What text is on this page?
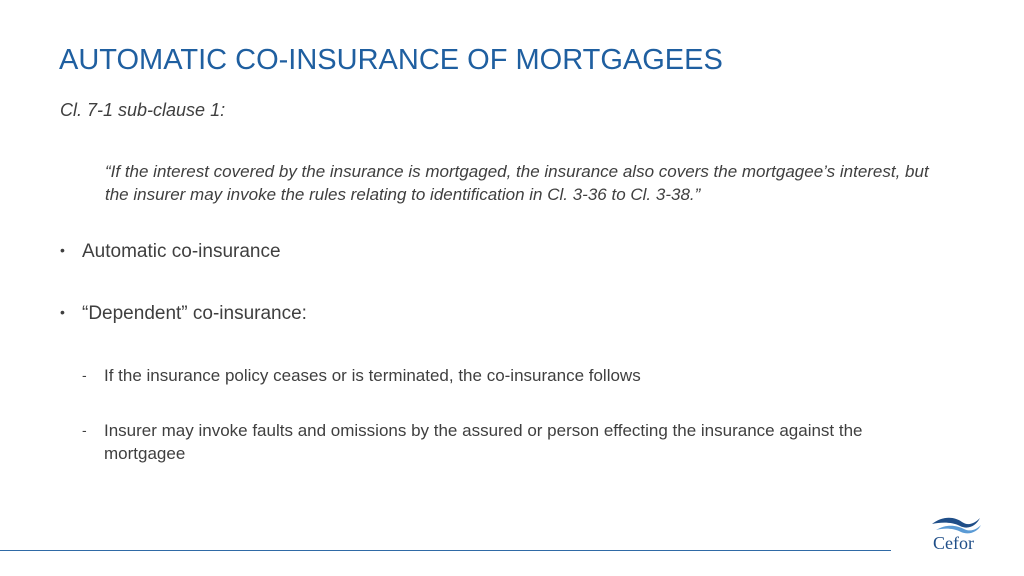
AUTOMATIC CO-INSURANCE OF MORTGAGEES
Cl. 7-1 sub-clause 1:
“If the interest covered by the insurance is mortgaged, the insurance also covers the mortgagee’s interest, but the insurer may invoke the rules relating to identification in Cl. 3-36 to Cl. 3-38.”
• Automatic co-insurance
• “Dependent” co-insurance:
-	If the insurance policy ceases or is terminated, the co-insurance follows
-	Insurer may invoke faults and omissions by the assured or person effecting the insurance against the mortgagee
Cefor
